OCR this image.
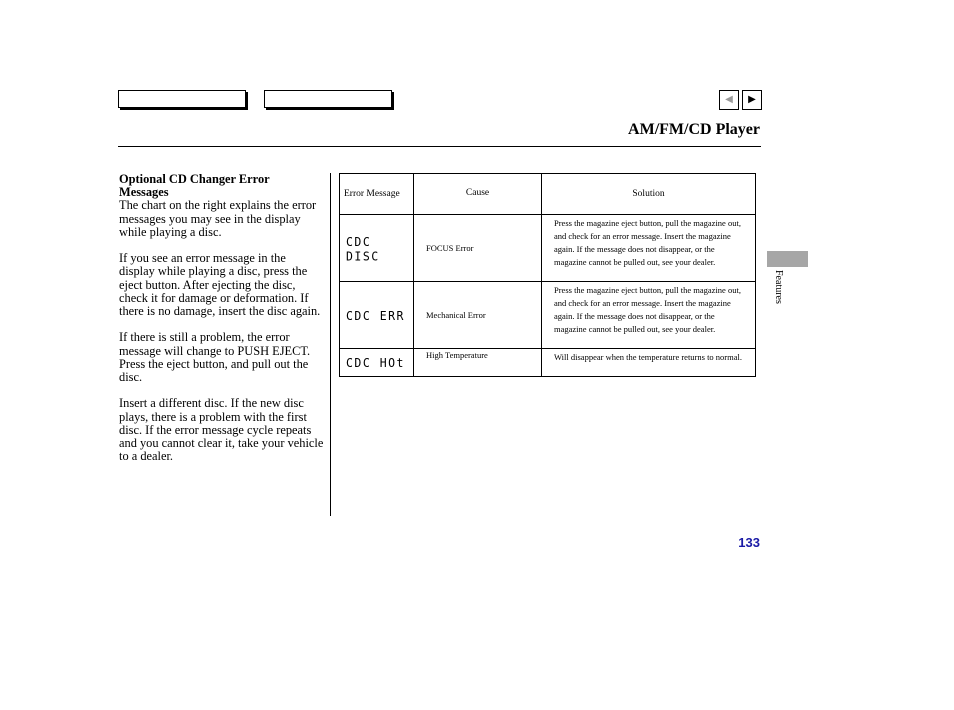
◀ ▶
AM/FM/CD Player
Features
Optional CD Changer Error
Messages

The chart on the right explains the error messages you may see in the display while playing a disc.

If you see an error message in the display while playing a disc, press the eject button. After ejecting the disc, check it for damage or deformation. If there is no damage, insert the disc again.

If there is still a problem, the error message will change to PUSH EJECT. Press the eject button, and pull out the disc.

Insert a different disc. If the new disc plays, there is a problem with the first disc. If the error message cycle repeats and you cannot clear it, take your vehicle to a dealer.

Error Message	Cause	Solution
CDC DISC	FOCUS Error	Press the magazine eject button, pull the magazine out, and check for an error message. Insert the magazine again. If the message does not disappear, or the magazine cannot be pulled out, see your dealer.
CDC ERR	Mechanical Error	Press the magazine eject button, pull the magazine out, and check for an error message. Insert the magazine again. If the message does not disappear, or the magazine cannot be pulled out, see your dealer.
CDC HOt	High Temperature	Will disappear when the temperature returns to normal.
133
